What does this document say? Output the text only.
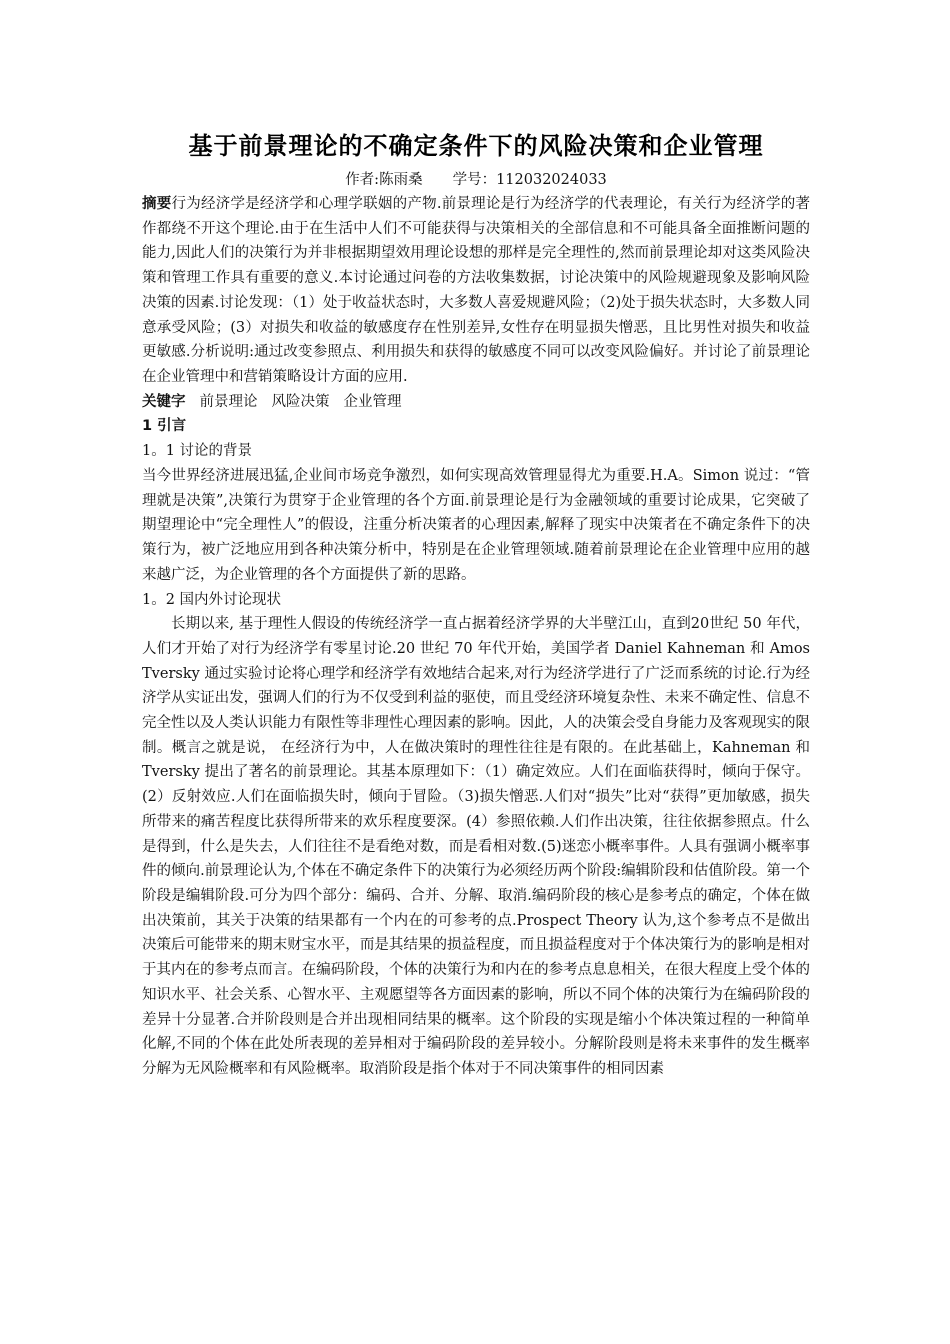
基于前景理论的不确定条件下的风险决策和企业管理
作者:陈雨桑 学号：112032024033

摘要行为经济学是经济学和心理学联姻的产物.前景理论是行为经济学的代表理论，有关行为经济学的著作都绕不开这个理论.由于在生活中人们不可能获得与决策相关的全部信息和不可能具备全面推断问题的能力,因此人们的决策行为并非根据期望效用理论设想的那样是完全理性的,然而前景理论却对这类风险决策和管理工作具有重要的意义.本讨论通过问卷的方法收集数据，讨论决策中的风险规避现象及影响风险决策的因素.讨论发现：（1）处于收益状态时，大多数人喜爱规避风险；（2)处于损失状态时，大多数人同意承受风险；(3）对损失和收益的敏感度存在性别差异,女性存在明显损失憎恶，且比男性对损失和收益更敏感.分析说明:通过改变参照点、利用损失和获得的敏感度不同可以改变风险偏好。并讨论了前景理论在企业管理中和营销策略设计方面的应用.

关键字 前景理论 风险决策 企业管理

1 引言
1。1 讨论的背景

当今世界经济进展迅猛,企业间市场竞争激烈，如何实现高效管理显得尤为重要.H.A。Simon 说过：“管理就是决策”,决策行为贯穿于企业管理的各个方面.前景理论是行为金融领域的重要讨论成果，它突破了期望理论中“完全理性人”的假设，注重分析决策者的心理因素,解释了现实中决策者在不确定条件下的决策行为，被广泛地应用到各种决策分析中，特别是在企业管理领域.随着前景理论在企业管理中应用的越来越广泛，为企业管理的各个方面提供了新的思路。

1。2 国内外讨论现状

长期以来, 基于理性人假设的传统经济学一直占据着经济学界的大半壁江山，直到20世纪 50 年代，人们才开始了对行为经济学有零星讨论.20 世纪 70 年代开始，美国学者 Daniel Kahneman 和 Amos Tversky 通过实验讨论将心理学和经济学有效地结合起来,对行为经济学进行了广泛而系统的讨论.行为经济学从实证出发，强调人们的行为不仅受到利益的驱使，而且受经济环境复杂性、未来不确定性、信息不完全性以及人类认识能力有限性等非理性心理因素的影响。因此，人的决策会受自身能力及客观现实的限制。概言之就是说， 在经济行为中，人在做决策时的理性往往是有限的。在此基础上，Kahneman 和 Tversky 提出了著名的前景理论。其基本原理如下：（1）确定效应。人们在面临获得时，倾向于保守。(2）反射效应.人们在面临损失时，倾向于冒险。（3)损失憎恶.人们对“损失”比对“获得”更加敏感，损失所带来的痛苦程度比获得所带来的欢乐程度要深。(4）参照依赖.人们作出决策，往往依据参照点。什么是得到，什么是失去，人们往往不是看绝对数，而是看相对数.(5)迷恋小概率事件。人具有强调小概率事件的倾向.前景理论认为,个体在不确定条件下的决策行为必须经历两个阶段:编辑阶段和估值阶段。第一个阶段是编辑阶段.可分为四个部分：编码、合并、分解、取消.编码阶段的核心是参考点的确定，个体在做出决策前，其关于决策的结果都有一个内在的可参考的点.Prospect Theory 认为,这个参考点不是做出决策后可能带来的期末财宝水平，而是其结果的损益程度，而且损益程度对于个体决策行为的影响是相对于其内在的参考点而言。在编码阶段，个体的决策行为和内在的参考点息息相关，在很大程度上受个体的知识水平、社会关系、心智水平、主观愿望等各方面因素的影响，所以不同个体的决策行为在编码阶段的差异十分显著.合并阶段则是合并出现相同结果的概率。这个阶段的实现是缩小个体决策过程的一种简单化解,不同的个体在此处所表现的差异相对于编码阶段的差异较小。分解阶段则是将未来事件的发生概率分解为无风险概率和有风险概率。取消阶段是指个体对于不同决策事件的相同因素
